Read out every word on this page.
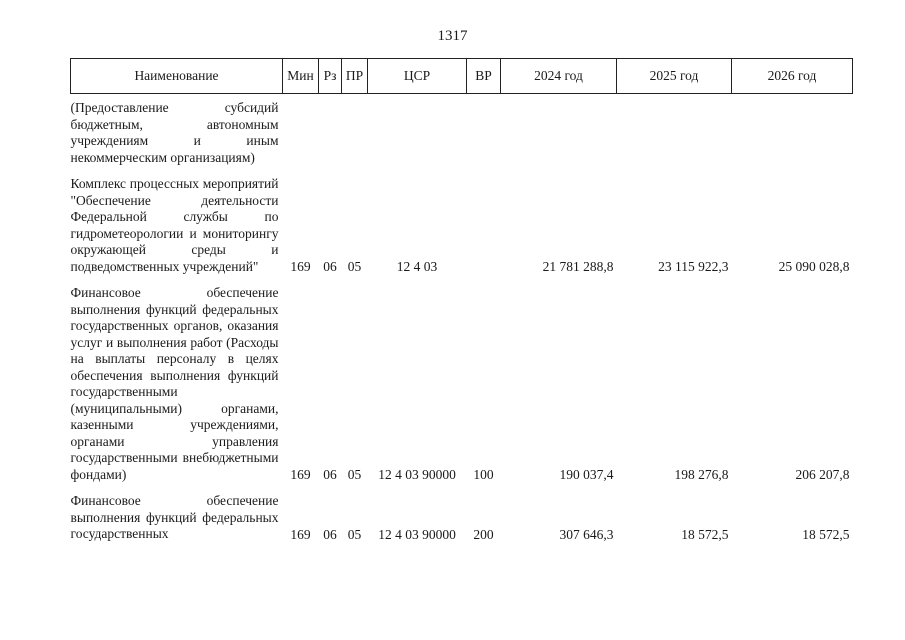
1317
Наименование	Мин	Рз	ПР	ЦСР	ВР	2024 год	2025 год	2026 год
(Предоставление субсидий бюджетным, автономным учреждениям и иным некоммерческим организациям)								
Комплекс процессных мероприятий "Обеспечение деятельности Федеральной службы по гидрометеорологии и мониторингу окружающей среды и подведомственных учреждений"	169	06	05	12 4 03		21 781 288,8	23 115 922,3	25 090 028,8
Финансовое обеспечение выполнения функций федеральных государственных органов, оказания услуг и выполнения работ (Расходы на выплаты персоналу в целях обеспечения выполнения функций государственными (муниципальными) органами, казенными учреждениями, органами управления государственными внебюджетными фондами)	169	06	05	12 4 03 90000	100	190 037,4	198 276,8	206 207,8
Финансовое обеспечение выполнения функций федеральных государственных	169	06	05	12 4 03 90000	200	307 646,3	18 572,5	18 572,5
